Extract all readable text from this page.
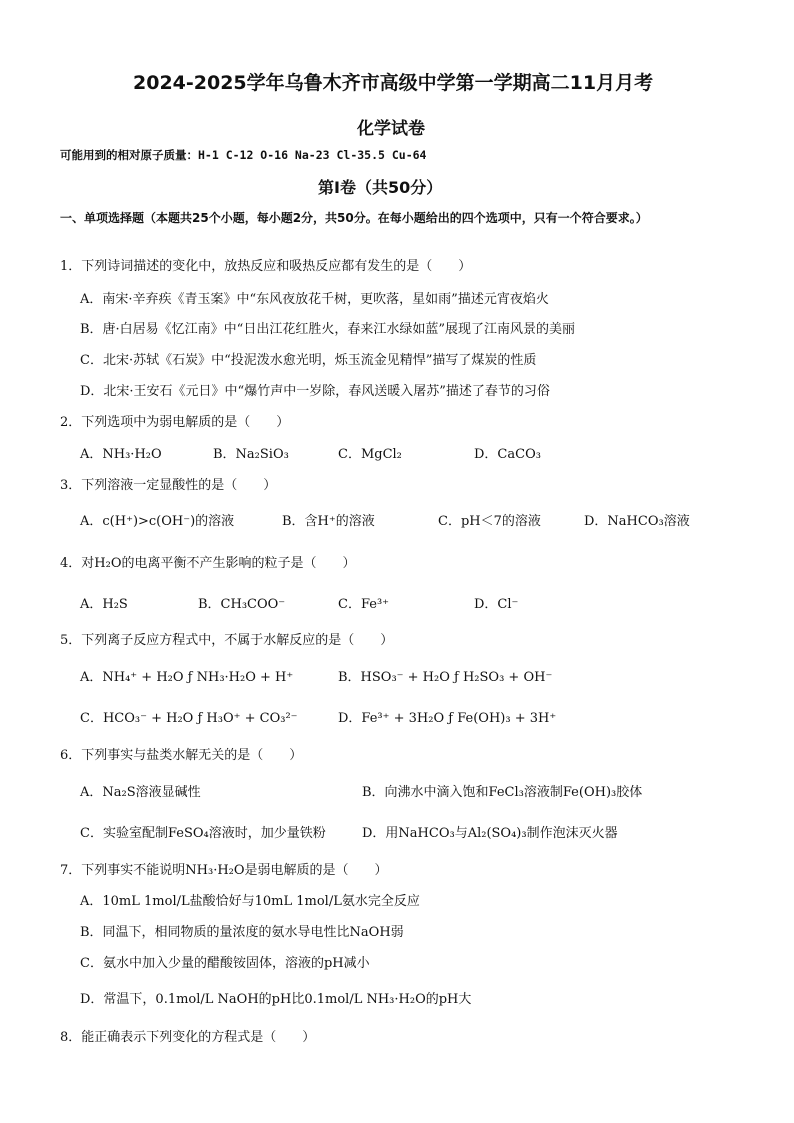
2024-2025学年乌鲁木齐市高级中学第一学期高二11月月考
化学试卷
可能用到的相对原子质量：H-1 C-12 O-16 Na-23 Cl-35.5 Cu-64
第Ⅰ卷（共50分）
一、单项选择题（本题共25个小题，每小题2分，共50分。在每小题给出的四个选项中，只有一个符合要求。）
1．下列诗词描述的变化中，放热反应和吸热反应都有发生的是（　　）
A．南宋·辛弃疾《青玉案》中“东风夜放花千树，更吹落，星如雨”描述元宵夜焰火
B．唐·白居易《忆江南》中“日出江花红胜火，春来江水绿如蓝”展现了江南风景的美丽
C．北宋·苏轼《石炭》中“投泥泼水愈光明，烁玉流金见精悍”描写了煤炭的性质
D．北宋·王安石《元日》中“爆竹声中一岁除，春风送暖入屠苏”描述了春节的习俗
2．下列选项中为弱电解质的是（　　）
A．NH₃·H₂O	B．Na₂SiO₃	C．MgCl₂	D．CaCO₃
3．下列溶液一定显酸性的是（　　）
A．c(H⁺)>c(OH⁻)的溶液	B．含H⁺的溶液	C．pH＜7的溶液	D．NaHCO₃溶液
4．对H₂O的电离平衡不产生影响的粒子是（　　）
A．H₂S	B．CH₃COO⁻	C．Fe³⁺	D．Cl⁻
5．下列离子反应方程式中，不属于水解反应的是（　　）
A．NH₄⁺ + H₂O ƒ NH₃·H₂O + H⁺	B．HSO₃⁻ + H₂O ƒ H₂SO₃ + OH⁻
C．HCO₃⁻ + H₂O ƒ H₃O⁺ + CO₃²⁻	D．Fe³⁺ + 3H₂O ƒ Fe(OH)₃ + 3H⁺
6．下列事实与盐类水解无关的是（　　）
A．Na₂S溶液显碱性	B．向沸水中滴入饱和FeCl₃溶液制Fe(OH)₃胶体
C．实验室配制FeSO₄溶液时，加少量铁粉	D．用NaHCO₃与Al₂(SO₄)₃制作泡沫灭火器
7．下列事实不能说明NH₃·H₂O是弱电解质的是（　　）
A．10mL 1mol/L盐酸恰好与10mL 1mol/L氨水完全反应
B．同温下，相同物质的量浓度的氨水导电性比NaOH弱
C．氨水中加入少量的醋酸铵固体，溶液的pH减小
D．常温下，0.1mol/L NaOH的pH比0.1mol/L NH₃·H₂O的pH大
8．能正确表示下列变化的方程式是（　　）
